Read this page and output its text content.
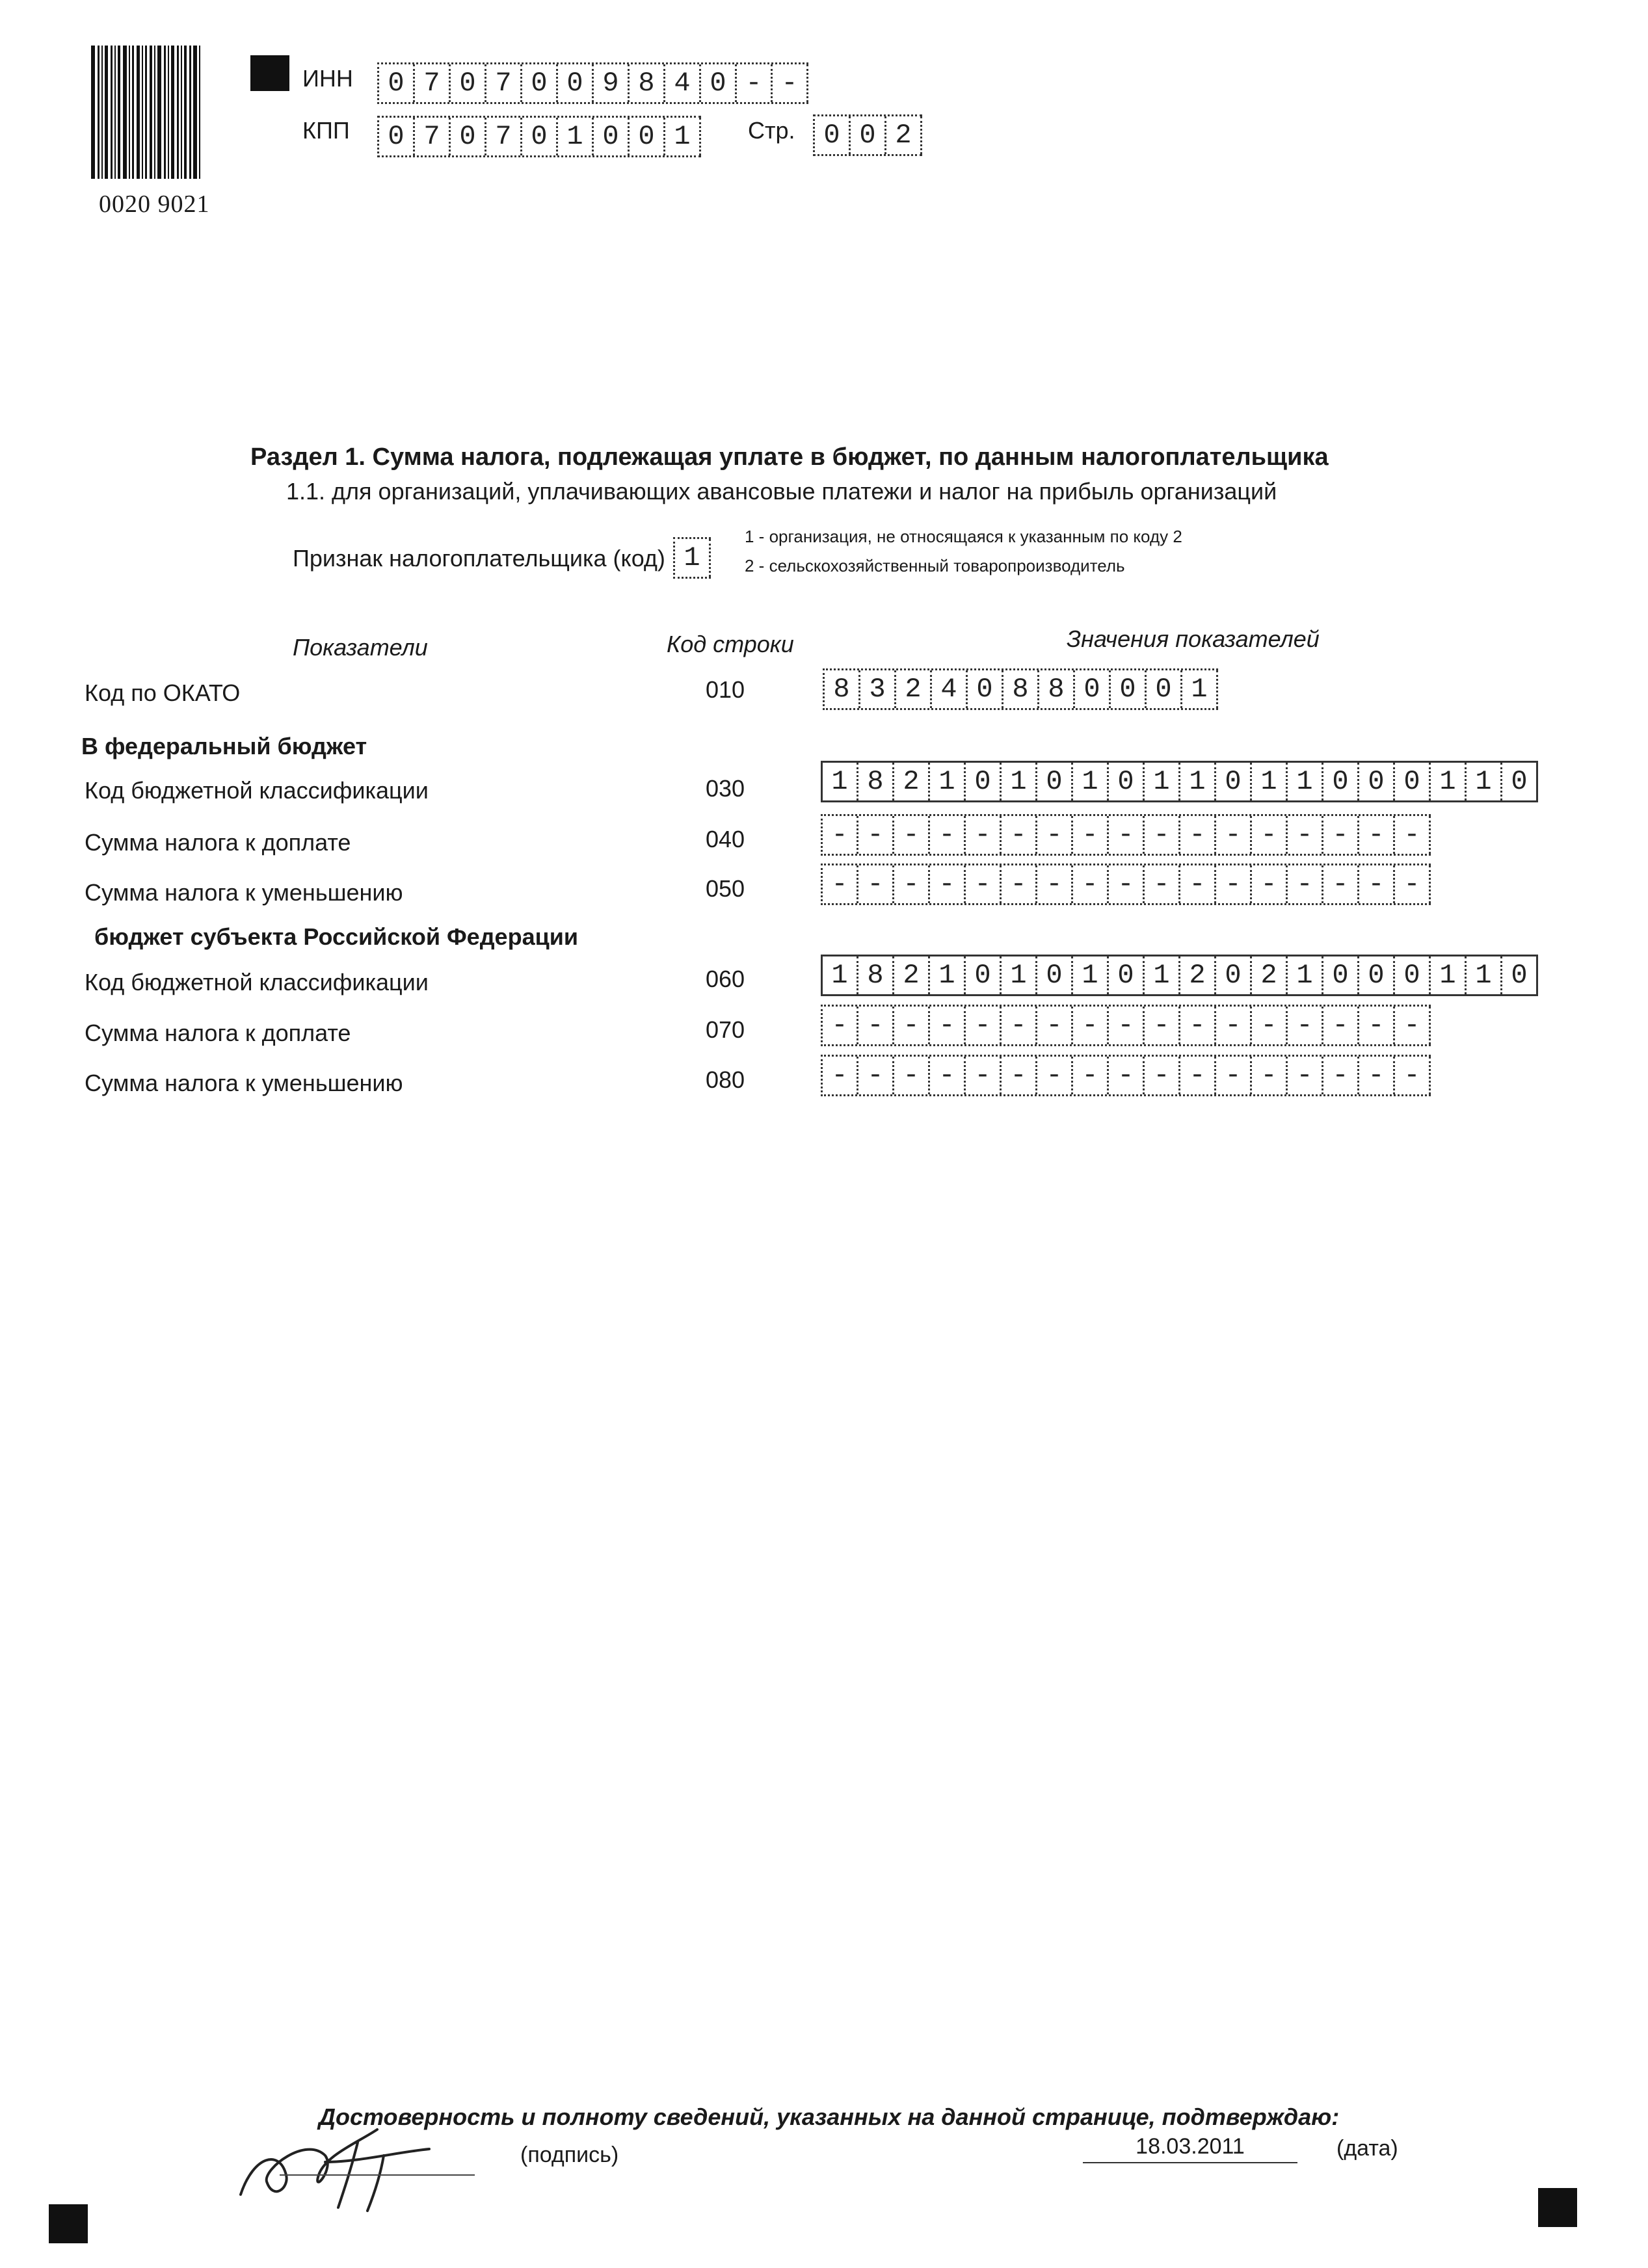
0020 9021
ИНН	0 7 0 7 0 0 9 8 4 0 - -
КПП	0 7 0 7 0 1 0 0 1	Стр.	0 0 2
Раздел 1. Сумма налога, подлежащая уплате в бюджет, по данным налогоплательщика
1.1. для организаций, уплачивающих авансовые платежи и налог на прибыль организаций
Признак налогоплательщика (код) 1
1 - организация, не относящаяся к указанным по коду 2
2 - сельскохозяйственный товаропроизводитель
Показатели	Код строки	Значения показателей
Код по ОКАТО	010	8 3 2 4 0 8 8 0 0 0 1
В федеральный бюджет
Код бюджетной классификации	030	1 8 2 1 0 1 0 1 0 1 1 0 1 1 0 0 0 1 1 0
Сумма налога к доплате	040	- - - - - - - - - - - - - - - - -
Сумма налога к уменьшению	050	- - - - - - - - - - - - - - - - -
бюджет субъекта Российской Федерации
Код бюджетной классификации	060	1 8 2 1 0 1 0 1 0 1 2 0 2 1 0 0 0 1 1 0
Сумма налога к доплате	070	- - - - - - - - - - - - - - - - -
Сумма налога к уменьшению	080	- - - - - - - - - - - - - - - - -
Достоверность и полноту сведений, указанных на данной странице, подтверждаю:
(подпись)	18.03.2011	(дата)
